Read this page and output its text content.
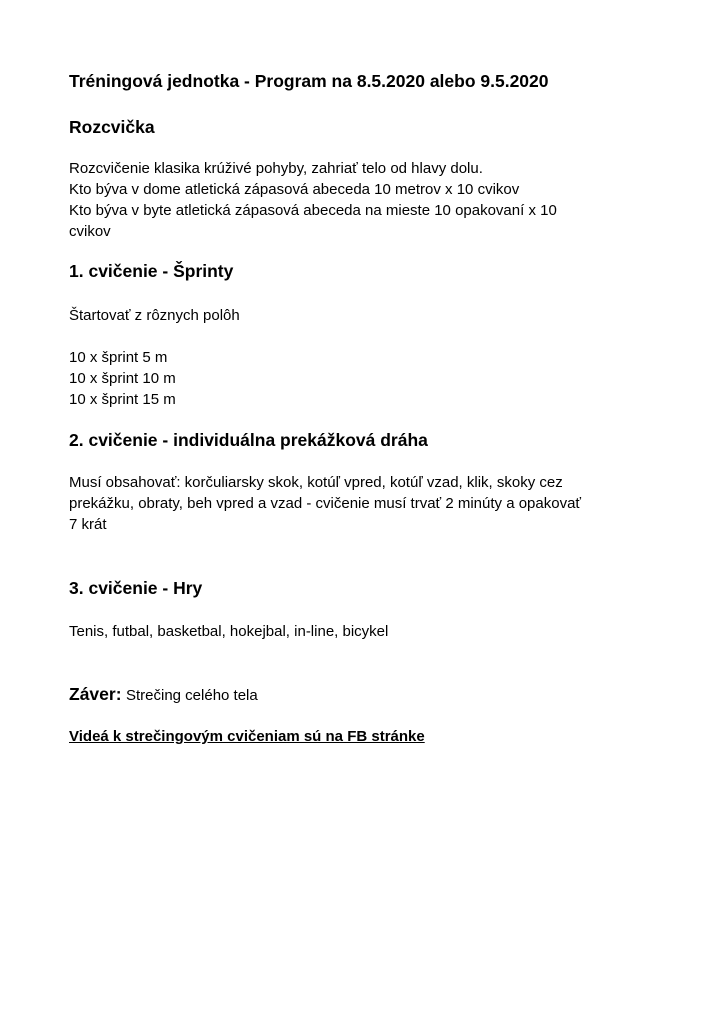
Tréningová jednotka - Program na 8.5.2020 alebo 9.5.2020
Rozcvička
Rozcvičenie klasika krúživé pohyby, zahriať telo od hlavy dolu.
Kto býva v dome atletická zápasová abeceda 10 metrov x 10 cvikov
Kto býva v byte atletická zápasová abeceda na mieste 10 opakovaní x 10
cvikov
1. cvičenie - Šprinty
Štartovať z rôznych polôh
10 x šprint 5 m
10 x šprint 10 m
10 x šprint 15 m
2. cvičenie - individuálna prekážková dráha
Musí obsahovať: korčuliarsky skok, kotúľ vpred, kotúľ vzad, klik, skoky cez
prekážku, obraty, beh vpred a vzad - cvičenie musí trvať 2 minúty a opakovať
7 krát
3. cvičenie - Hry
Tenis, futbal, basketbal, hokejbal, in-line, bicykel
Záver: Strečing celého tela
Videá k strečingovým cvičeniam sú na FB stránke
